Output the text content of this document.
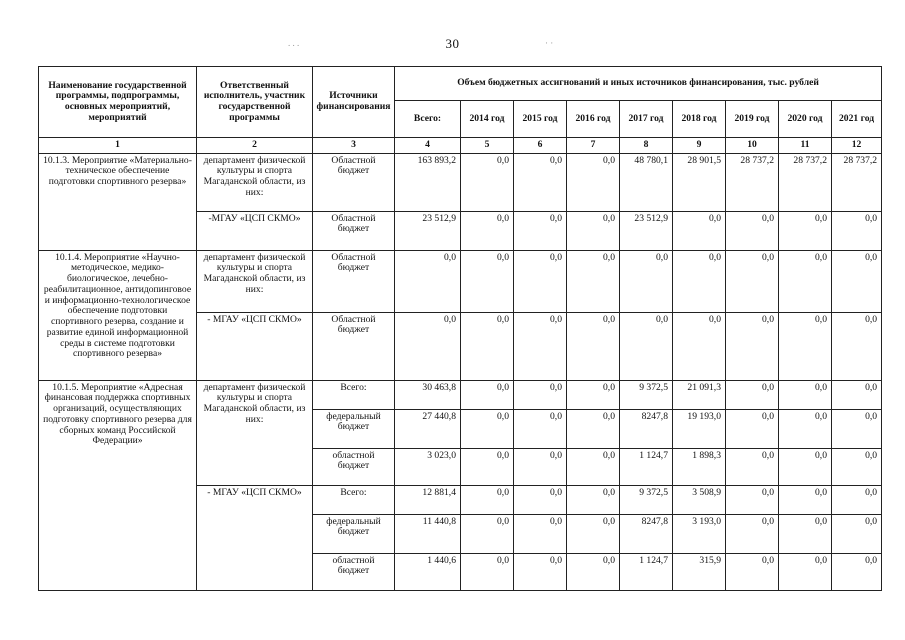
30
. . .	· ·
Наименование государственной программы, подпрограммы, основных мероприятий, мероприятий	Ответственный исполнитель, участник государственной программы	Источники финансирования	Объем бюджетных ассигнований и иных источников финансирования, тыс. рублей								
			Всего:	2014 год	2015 год	2016 год	2017 год	2018 год	2019 год	2020 год	2021 год
1	2	3	4	5	6	7	8	9	10	11	12
10.1.3. Мероприятие «Материально-техническое обеспечение подготовки спортивного резерва»	департамент физической культуры и спорта Магаданской области, из них:	Областной бюджет	163 893,2	0,0	0,0	0,0	48 780,1	28 901,5	28 737,2	28 737,2	28 737,2
	-МГАУ «ЦСП СКМО»	Областной бюджет	23 512,9	0,0	0,0	0,0	23 512,9	0,0	0,0	0,0	0,0
10.1.4. Мероприятие «Научно-методическое, медико-биологическое, лечебно-реабилитационное, антидопинговое и информационно-технологическое обеспечение подготовки спортивного резерва, создание и развитие единой информационной среды в системе подготовки спортивного резерва»	департамент физической культуры и спорта Магаданской области, из них:	Областной бюджет	0,0	0,0	0,0	0,0	0,0	0,0	0,0	0,0	0,0
	- МГАУ «ЦСП СКМО»	Областной бюджет	0,0	0,0	0,0	0,0	0,0	0,0	0,0	0,0	0,0
10.1.5. Мероприятие «Адресная финансовая поддержка спортивных организаций, осуществляющих подготовку спортивного резерва для сборных команд Российской Федерации»	департамент физической культуры и спорта Магаданской области, из них:	Всего:	30 463,8	0,0	0,0	0,0	9 372,5	21 091,3	0,0	0,0	0,0
		федеральный бюджет	27 440,8	0,0	0,0	0,0	8247,8	19 193,0	0,0	0,0	0,0
		областной бюджет	3 023,0	0,0	0,0	0,0	1 124,7	1 898,3	0,0	0,0	0,0
	- МГАУ «ЦСП СКМО»	Всего:	12 881,4	0,0	0,0	0,0	9 372,5	3 508,9	0,0	0,0	0,0
		федеральный бюджет	11 440,8	0,0	0,0	0,0	8247,8	3 193,0	0,0	0,0	0,0
		областной бюджет	1 440,6	0,0	0,0	0,0	1 124,7	315,9	0,0	0,0	0,0
